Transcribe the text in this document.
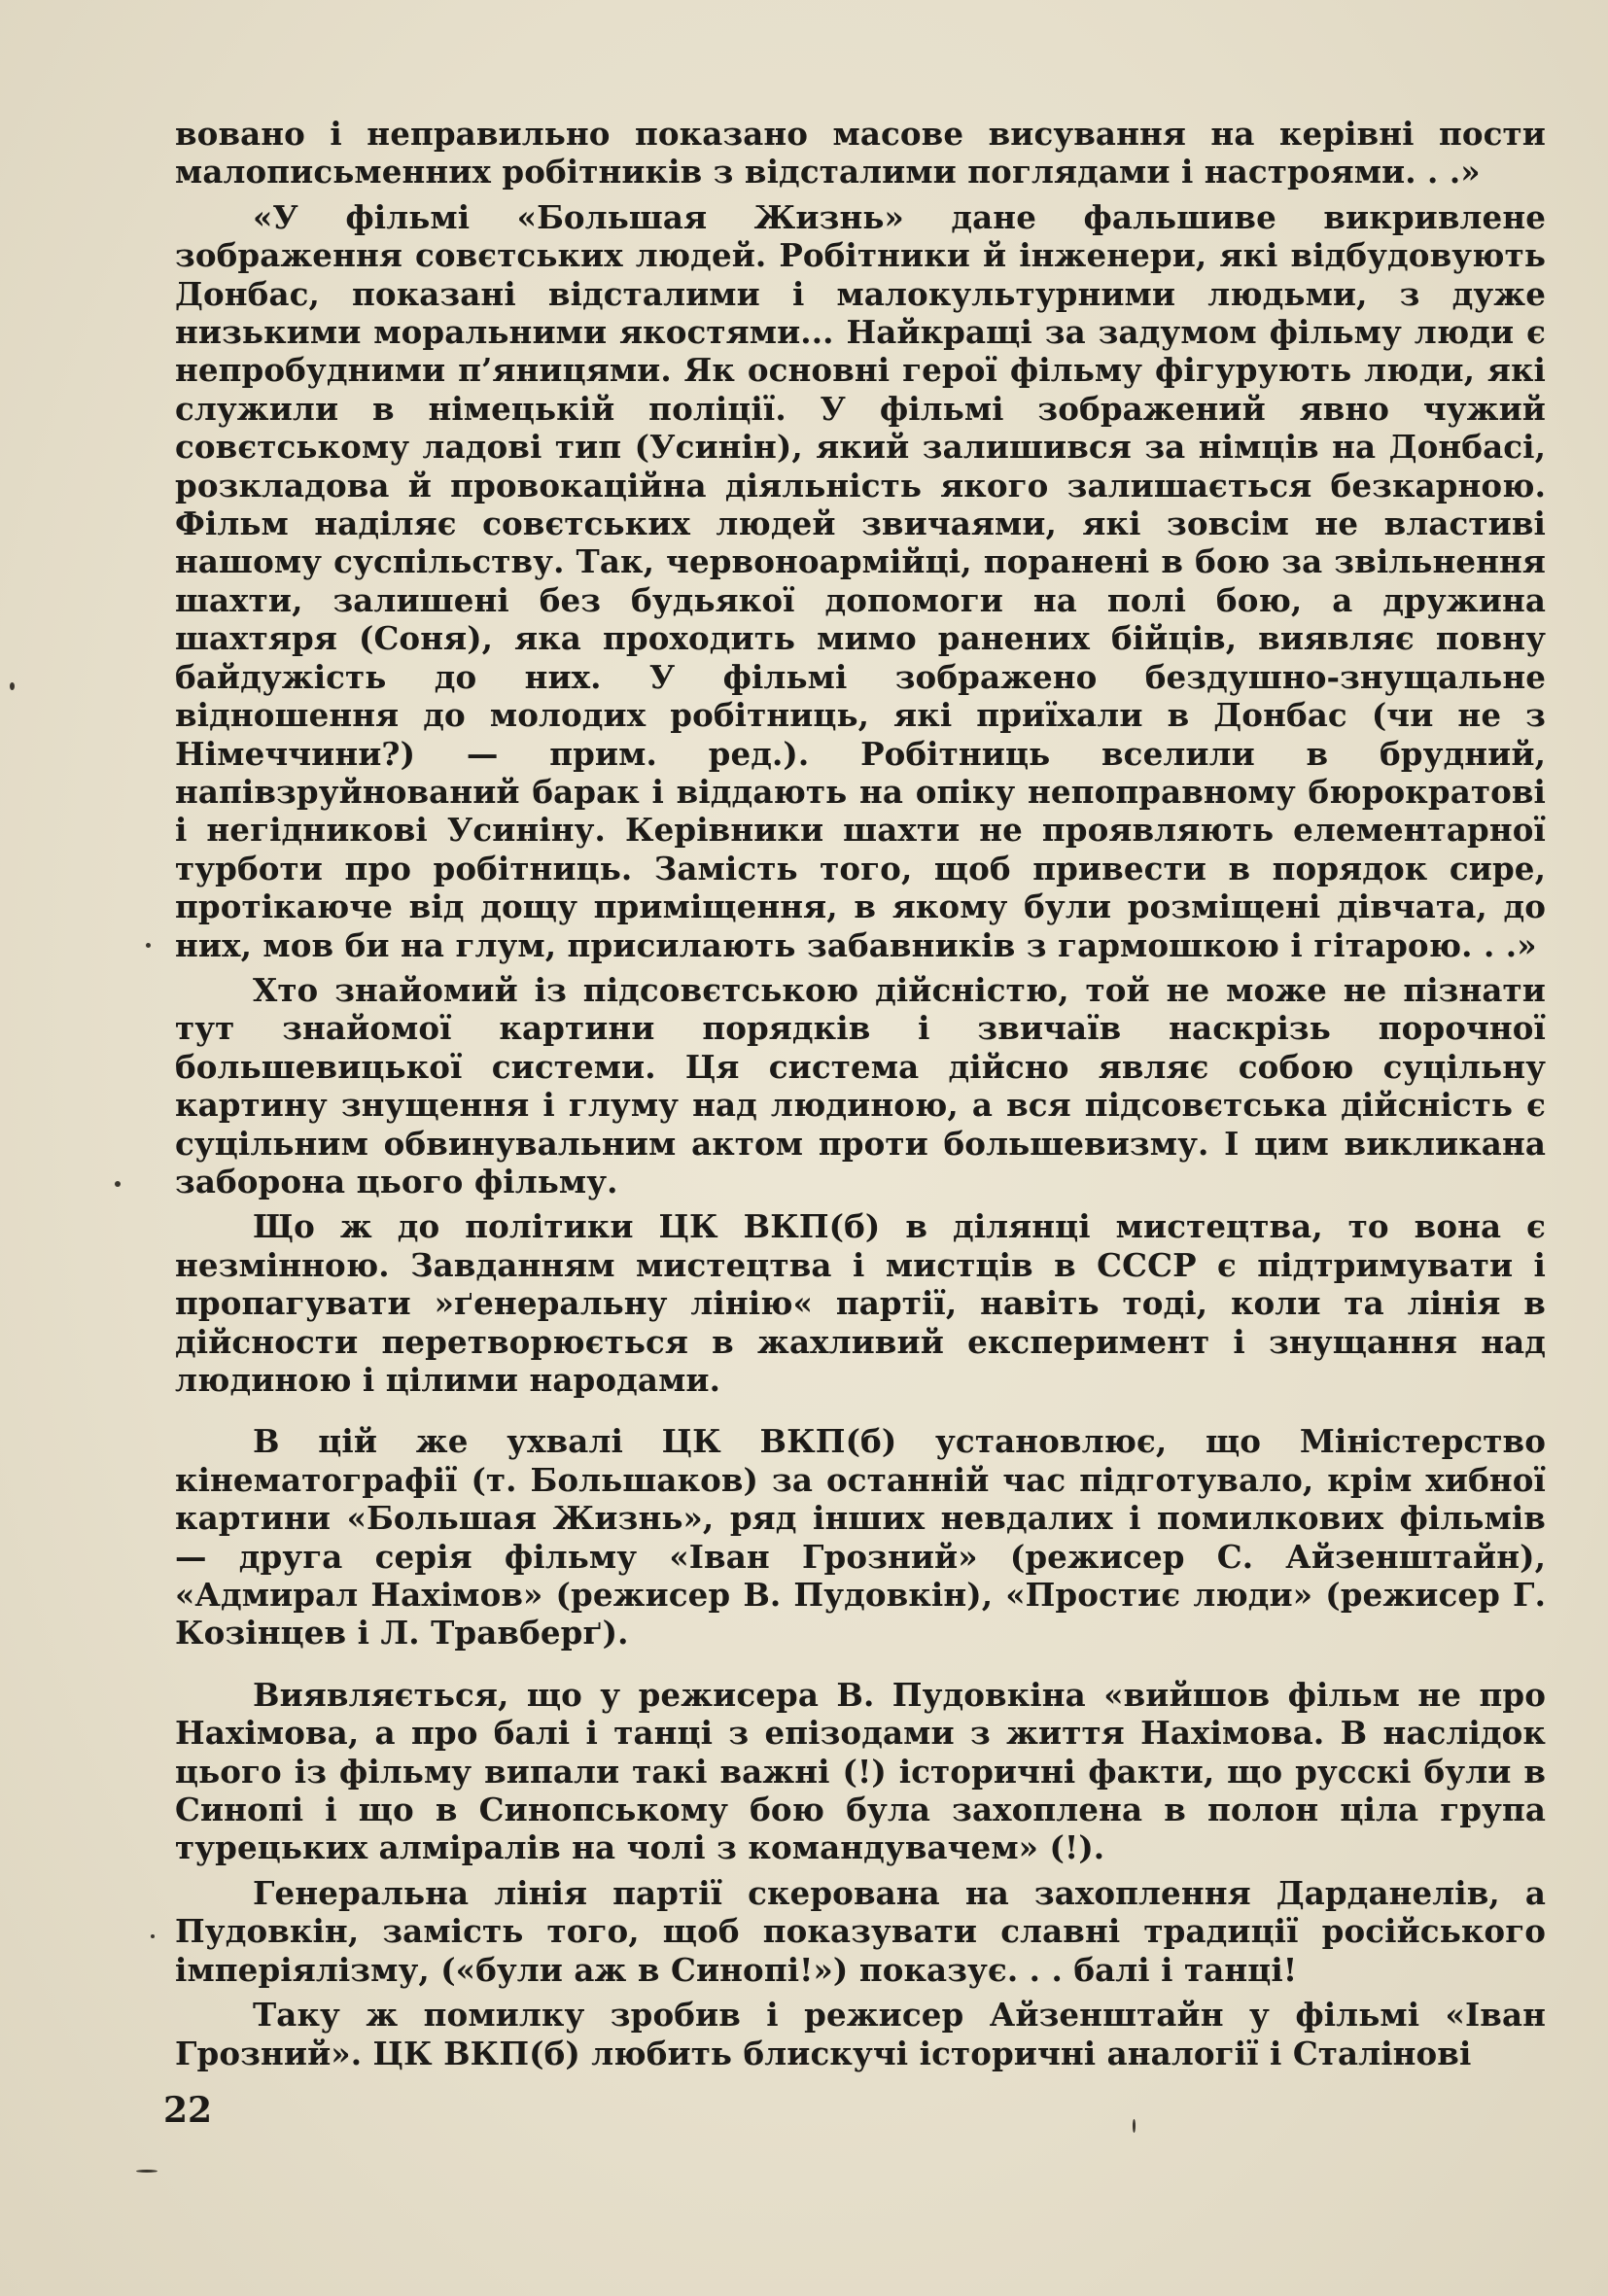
вовано і неправильно показано масове висування на керівні пости малописьменних робітників з відсталими поглядами і настроями. . .»

«У фільмі «Большая Жизнь» дане фальшиве викривлене зображення совєтських людей. Робітники й інженери, які відбудовують Донбас, показані відсталими і малокультурними людьми, з дуже низькими моральними якостями... Найкращі за задумом фільму люди є непробудними п’яницями. Як основні герої фільму фігурують люди, які служили в німецькій поліції. У фільмі зображений явно чужий совєтському ладові тип (Усинін), який залишився за німців на Донбасі, розкладова й провокаційна діяльність якого залишається безкарною. Фільм наділяє совєтських людей звичаями, які зовсім не властиві нашому суспільству. Так, червоноармійці, поранені в бою за звільнення шахти, залишені без будьякої допомоги на полі бою, а дружина шахтяря (Соня), яка проходить мимо ранених бійців, виявляє повну байдужість до них. У фільмі зображено бездушно-знущальне відношення до молодих робітниць, які приїхали в Донбас (чи не з Німеччини?) — прим. ред.). Робітниць вселили в брудний, напівзруйнований барак і віддають на опіку непоправному бюрократові і негідникові Усиніну. Керівники шахти не проявляють елементарної турботи про робітниць. Замість того, щоб привести в порядок сире, протікаюче від дощу приміщення, в якому були розміщені дівчата, до них, мов би на глум, присилають забавників з гармошкою і гітарою. . .»

Хто знайомий із підсовєтською дійсністю, той не може не пізнати тут знайомої картини порядків і звичаїв наскрізь порочної большевицької системи. Ця система дійсно являє собою суцільну картину знущення і глуму над людиною, а вся підсовєтська дійсність є суцільним обвинувальним актом проти большевизму. І цим викликана заборона цього фільму.

Що ж до політики ЦК ВКП(б) в ділянці мистецтва, то вона є незмінною. Завданням мистецтва і мистців в СССР є підтримувати і пропагувати »ґенеральну лінію« партії, навіть тоді, коли та лінія в дійсности перетворюється в жахливий експеримент і знущання над людиною і цілими народами.

В цій же ухвалі ЦК ВКП(б) установлює, що Міністерство кінематографії (т. Большаков) за останній час підготувало, крім хибної картини «Большая Жизнь», ряд інших невдалих і помилкових фільмів — друга серія фільму «Іван Грозний» (режисер С. Айзенштайн), «Адмирал Нахімов» (режисер В. Пудовкін), «Простиє люди» (режисер Г. Козінцев і Л. Травберґ).

Виявляється, що у режисера В. Пудовкіна «вийшов фільм не про Нахімова, а про балі і танці з епізодами з життя Нахімова. В наслідок цього із фільму випали такі важні (!) історичні факти, що русскі були в Синопі і що в Синопському бою була захоплена в полон ціла група турецьких алміралів на чолі з командувачем» (!).

Генеральна лінія партії скерована на захоплення Дарданелів, а Пудовкін, замість того, щоб показувати славні традиції російського імперіялізму, («були аж в Синопі!») показує. . . балі і танці!

Таку ж помилку зробив і режисер Айзенштайн у фільмі «Іван Грозний». ЦК ВКП(б) любить блискучі історичні аналогії і Сталінові

22
